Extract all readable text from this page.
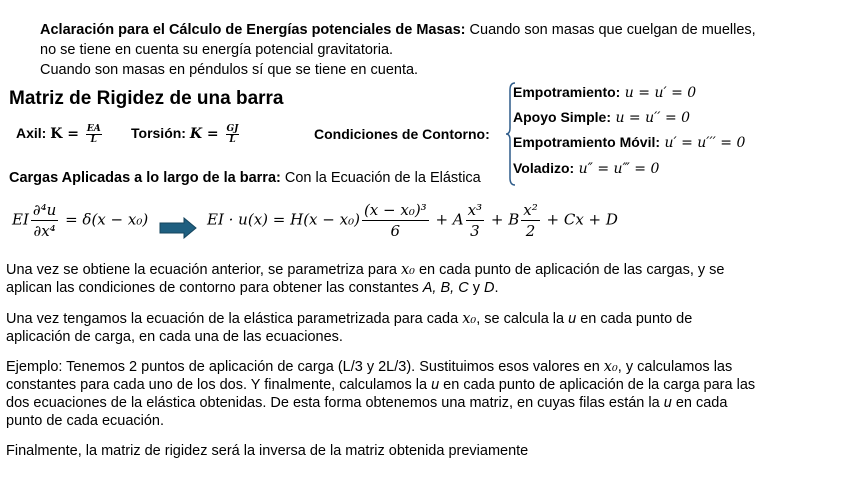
Aclaración para el Cálculo de Energías potenciales de Masas: Cuando son masas que cuelgan de muelles,
no se tiene en cuenta su energía potencial gravitatoria.
Cuando son masas en péndulos sí que se tiene en cuenta.
Matriz de Rigidez de una barra
Axil: $K = \frac{EA}{L}$ Torsión: $K = \frac{GJ}{L}$	Condiciones de Contorno:
Empotramiento: u = u′ = 0
Apoyo Simple: u = u′′ = 0
Empotramiento Móvil: u′ = u′′′ = 0
Voladizo: u″ = u‴ = 0
Cargas Aplicadas a lo largo de la barra: Con la Ecuación de la Elástica
EI $\frac{\text{∂⁴u}}{\text{∂x⁴}} = \delta(x - x_0)$	EI · $u(x) = H(x - x_0) \frac{\text{(x − x₀)³}}{6} + A \frac{\text{x³}}{3} + B \frac{\text{x²}}{2} + Cx + D$
Una vez se obtiene la ecuación anterior, se parametriza para x₀ en cada punto de aplicación de las cargas, y se
aplican las condiciones de contorno para obtener las constantes A, B, C y D.
Una vez tengamos la ecuación de la elástica parametrizada para cada x₀, se calcula la u en cada punto de
aplicación de carga, en cada una de las ecuaciones.
Ejemplo: Tenemos 2 puntos de aplicación de carga (L/3 y 2L/3). Sustituimos esos valores en x₀, y calculamos las
constantes para cada uno de los dos. Y finalmente, calculamos la u en cada punto de aplicación de la carga para las
dos ecuaciones de la elástica obtenidas. De esta forma obtenemos una matriz, en cuyas filas están la u en cada
punto de cada ecuación.
Finalmente, la matriz de rigidez será la inversa de la matriz obtenida previamente
